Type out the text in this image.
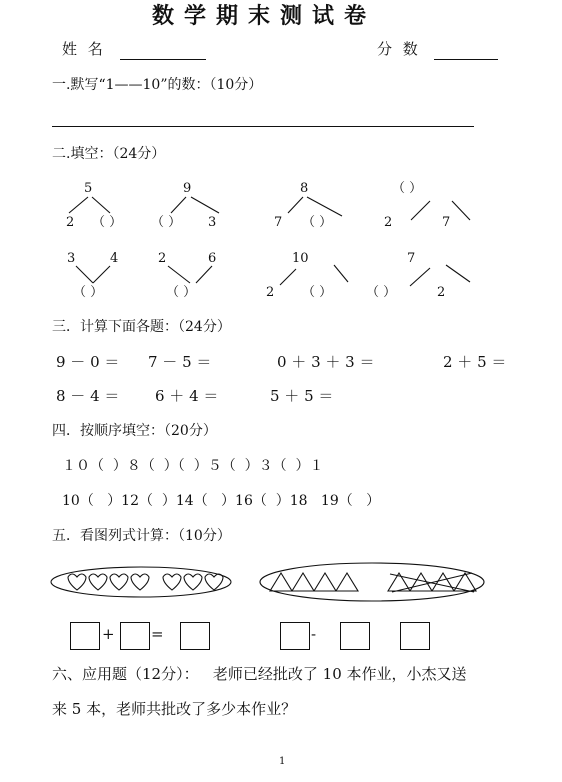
数学期末测试卷
姓 名	分 数
一.默写“1——10”的数：（10分）
二.填空：（24分）
5
2 （ ）
9
（ ） 3
8
7 （ ）
（ ）
2	7
3	4
（ ）
2	6
（ ）
10
2 （ ）
7
（ ）	2
三．计算下面各题：（24分）
9 － 0 ＝ 7 － 5 ＝	0 ＋ 3 ＋ 3 ＝	2 ＋ 5 ＝
8 － 4 ＝ 6 ＋ 4 ＝	5 ＋ 5 ＝
四．按顺序填空：（20分）
１０（  ）８（  ）（  ）５（  ）３（  ）１
10（   ）12（  ）14（   ）16（  ）18   19（   ）
五．看图列式计算：（10分）
+ =	-
六、应用题（12分）：   老师已经批改了 10 本作业，小杰又送
来 5 本，老师共批改了多少本作业？
1
